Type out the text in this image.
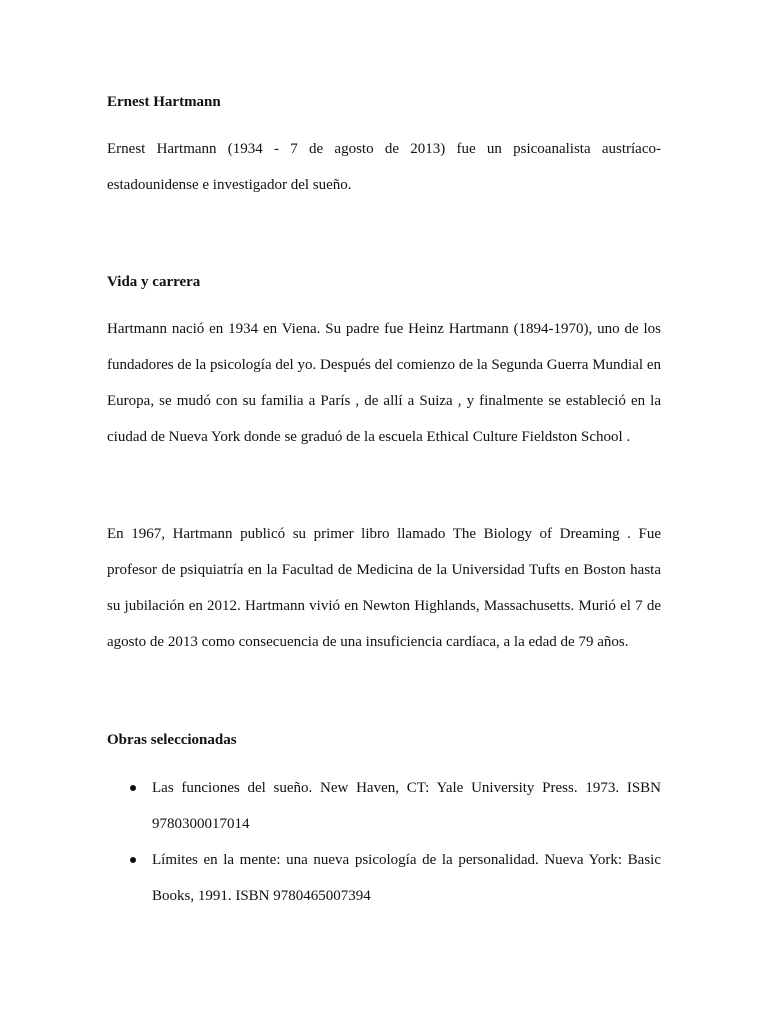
Ernest Hartmann

Ernest Hartmann (1934 - 7 de agosto de 2013) fue un psicoanalista austríaco-estadounidense e investigador del sueño.

Vida y carrera

Hartmann nació en 1934 en Viena. Su padre fue Heinz Hartmann (1894-1970), uno de los fundadores de la psicología del yo. Después del comienzo de la Segunda Guerra Mundial en Europa, se mudó con su familia a París , de allí a Suiza , y finalmente se estableció en la ciudad de Nueva York donde se graduó de la escuela Ethical Culture Fieldston School .

En 1967, Hartmann publicó su primer libro llamado The Biology of Dreaming . Fue profesor de psiquiatría en la Facultad de Medicina de la Universidad Tufts en Boston hasta su jubilación en 2012. Hartmann vivió en Newton Highlands, Massachusetts. Murió el 7 de agosto de 2013 como consecuencia de una insuficiencia cardíaca, a la edad de 79 años.

Obras seleccionadas
Las funciones del sueño. New Haven, CT: Yale University Press. 1973. ISBN 9780300017014
Límites en la mente: una nueva psicología de la personalidad. Nueva York: Basic Books, 1991. ISBN 9780465007394
